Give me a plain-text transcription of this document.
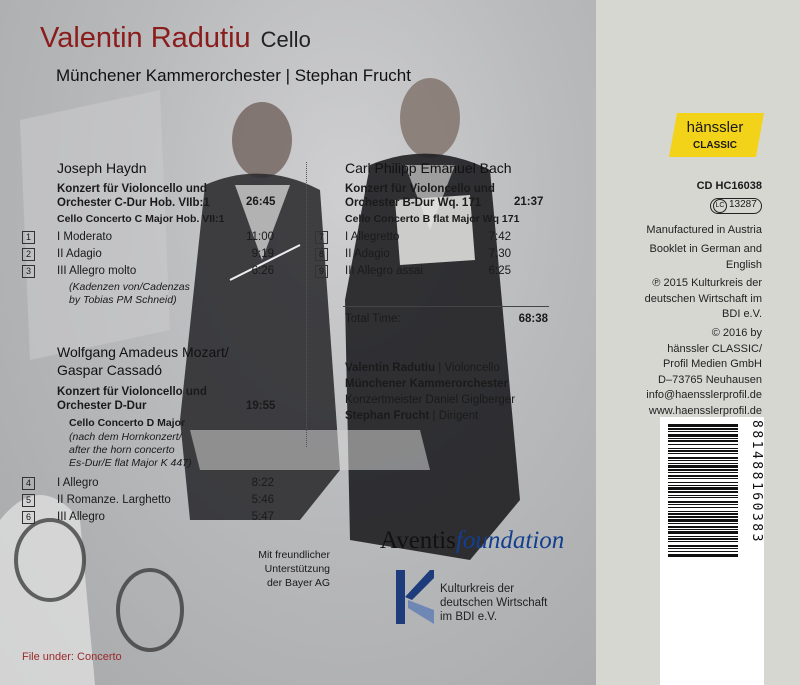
Valentin Radutiu Cello
Münchener Kammerorchester | Stephan Frucht
Joseph Haydn
Konzert für Violoncello und
Orchester C-Dur Hob. VIIb:1	26:45
Cello Concerto C Major Hob. VII:1
1 I Moderato	11:00
2 II Adagio	9:19
3 III Allegro molto	6:26
(Kadenzen von/Cadenzas
by Tobias PM Schneid)
Wolfgang Amadeus Mozart/
Gaspar Cassadó
Konzert für Violoncello und
Orchester D-Dur	19:55
Cello Concerto D Major
(nach dem Hornkonzert/
after the horn concerto
Es-Dur/E flat Major K 447)
4 I Allegro	8:22
5 II Romanze. Larghetto	5:46
6 III Allegro	5:47
Carl Philipp Emanuel Bach
Konzert für Violoncello und
Orchester B-Dur Wq. 171	21:37
Cello Concerto B flat Major Wq 171
7 I Allegretto	7:42
8 II Adagio	7:30
9 III Allegro assai	6:25
Total Time:	68:38
Valentin Radutiu | Violoncello
Münchener Kammerorchester
Konzertmeister Daniel Giglberger
Stephan Frucht | Dirigent
Mit freundlicher
Unterstützung
der Bayer AG
Aventisfoundation
Kulturkreis der
deutschen Wirtschaft
im BDI e.V.
File under: Concerto
hänssler
CLASSIC
CD HC16038
LC 13287
Manufactured in Austria
Booklet in German and
English
℗ 2015 Kulturkreis der
deutschen Wirtschaft im
BDI e.V.
© 2016 by
hänssler CLASSIC/
Profil Medien GmbH
D–73765 Neuhausen
info@haensslerprofil.de
www.haensslerprofil.de
881488160383
